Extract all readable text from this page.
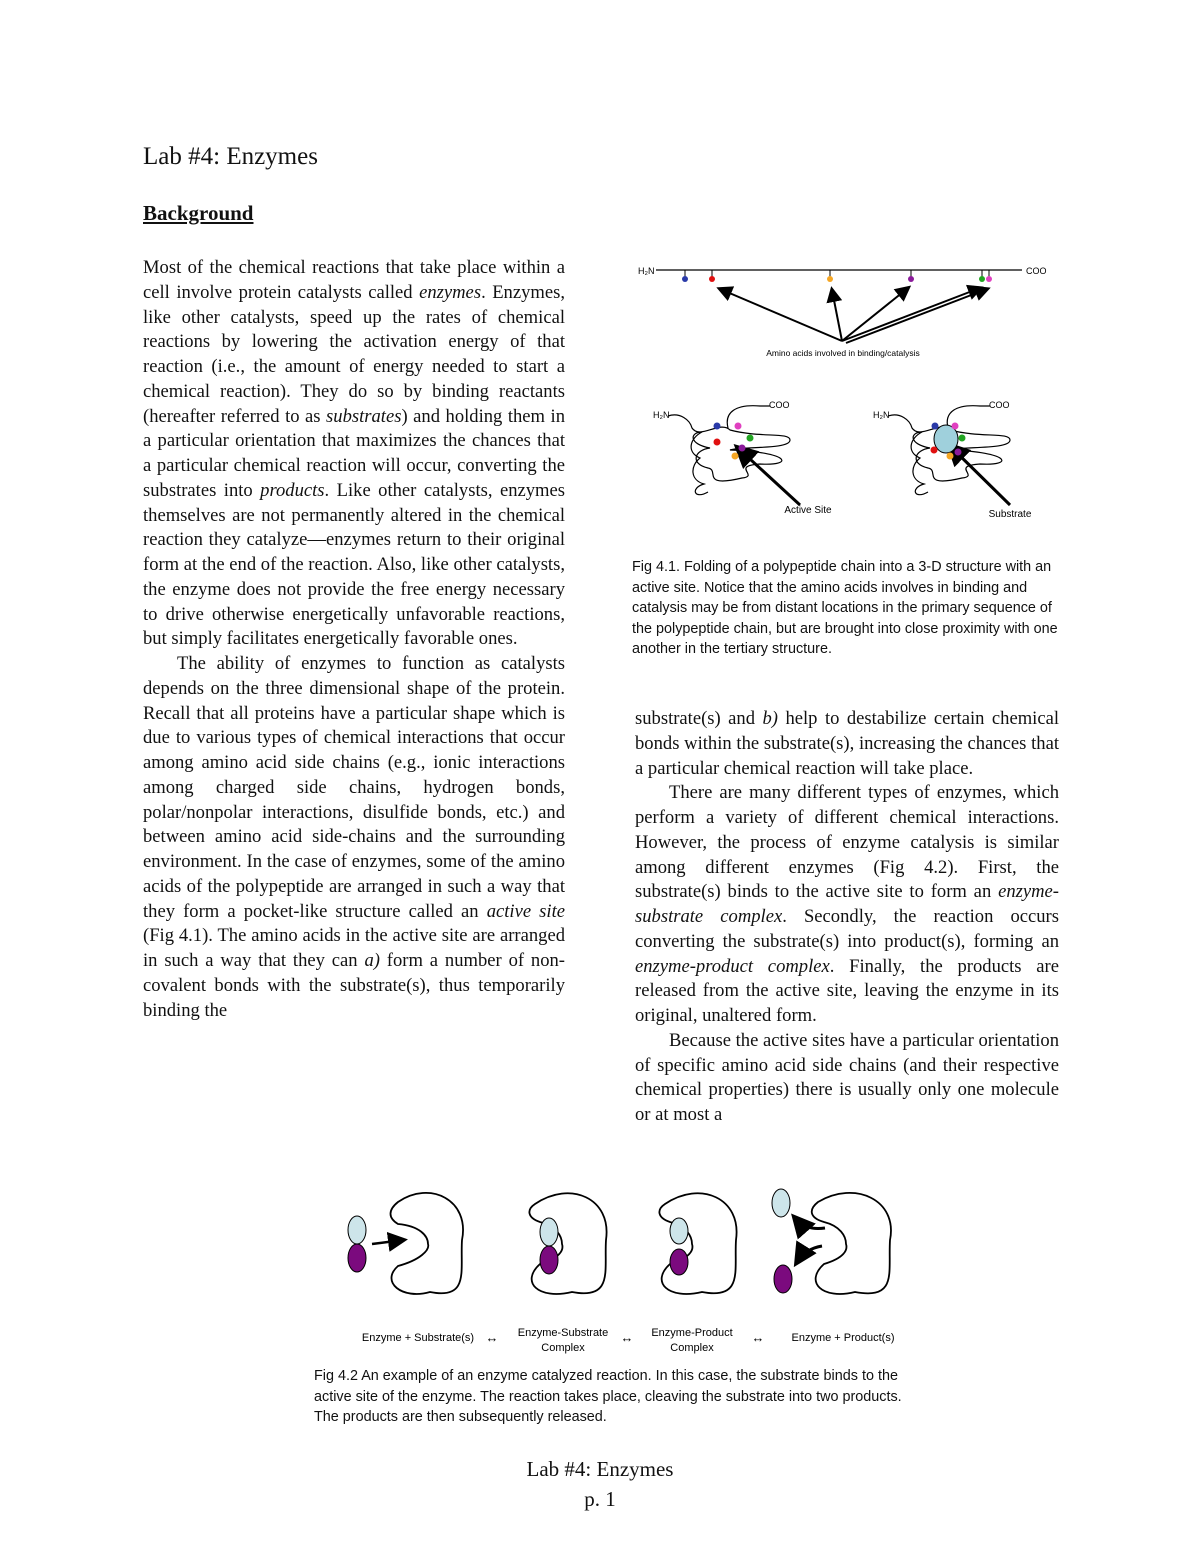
Lab #4: Enzymes
Background

Most of the chemical reactions that take place within a cell involve protein catalysts called enzymes. Enzymes, like other catalysts, speed up the rates of chemical reactions by lowering the activation energy of that reaction (i.e., the amount of energy needed to start a chemical reaction). They do so by binding reactants (hereafter referred to as substrates) and holding them in a particular orientation that maximizes the chances that a particular chemical reaction will occur, converting the substrates into products. Like other catalysts, enzymes themselves are not permanently altered in the chemical reaction they catalyze—enzymes return to their original form at the end of the reaction. Also, like other catalysts, the enzyme does not provide the free energy necessary to drive otherwise energetically unfavorable reactions, but simply facilitates energetically favorable ones.

The ability of enzymes to function as catalysts depends on the three dimensional shape of the protein. Recall that all proteins have a particular shape which is due to various types of chemical interactions that occur among amino acid side chains (e.g., ionic interactions among charged side chains, hydrogen bonds, polar/nonpolar interactions, disulfide bonds, etc.) and between amino acid side-chains and the surrounding environment. In the case of enzymes, some of the amino acids of the polypeptide are arranged in such a way that they form a pocket-like structure called an active site (Fig 4.1). The amino acids in the active site are arranged in such a way that they can a) form a number of non-covalent bonds with the substrate(s), thus temporarily binding the

substrate(s) and b) help to destabilize certain chemical bonds within the substrate(s), increasing the chances that a particular chemical reaction will take place.

There are many different types of enzymes, which perform a variety of different chemical interactions. However, the process of enzyme catalysis is similar among different enzymes (Fig 4.2). First, the substrate(s) binds to the active site to form an enzyme-substrate complex. Secondly, the reaction occurs converting the substrate(s) into product(s), forming an enzyme-product complex. Finally, the products are released from the active site, leaving the enzyme in its original, unaltered form.

Because the active sites have a particular orientation of specific amino acid side chains (and their respective chemical properties) there is usually only one molecule or at most a

H₂N	COO
Amino acids involved in binding/catalysis
H₂N
COO
Active Site
H₂N
COO
Substrate
Enzyme + Substrate(s) ↔ Enzyme-Substrate
Complex
↔ Enzyme-Product
Complex
↔ Enzyme + Product(s)
Fig 4.1. Folding of a polypeptide chain into a 3-D structure with an active site. Notice that the amino acids involves in binding and catalysis may be from distant locations in the primary sequence of the polypeptide chain, but are brought into close proximity with one another in the tertiary structure.
Fig 4.2 An example of an enzyme catalyzed reaction. In this case, the substrate binds to the active site of the enzyme. The reaction takes place, cleaving the substrate into two products. The products are then subsequently released.
Lab #4: Enzymes
p. 1
